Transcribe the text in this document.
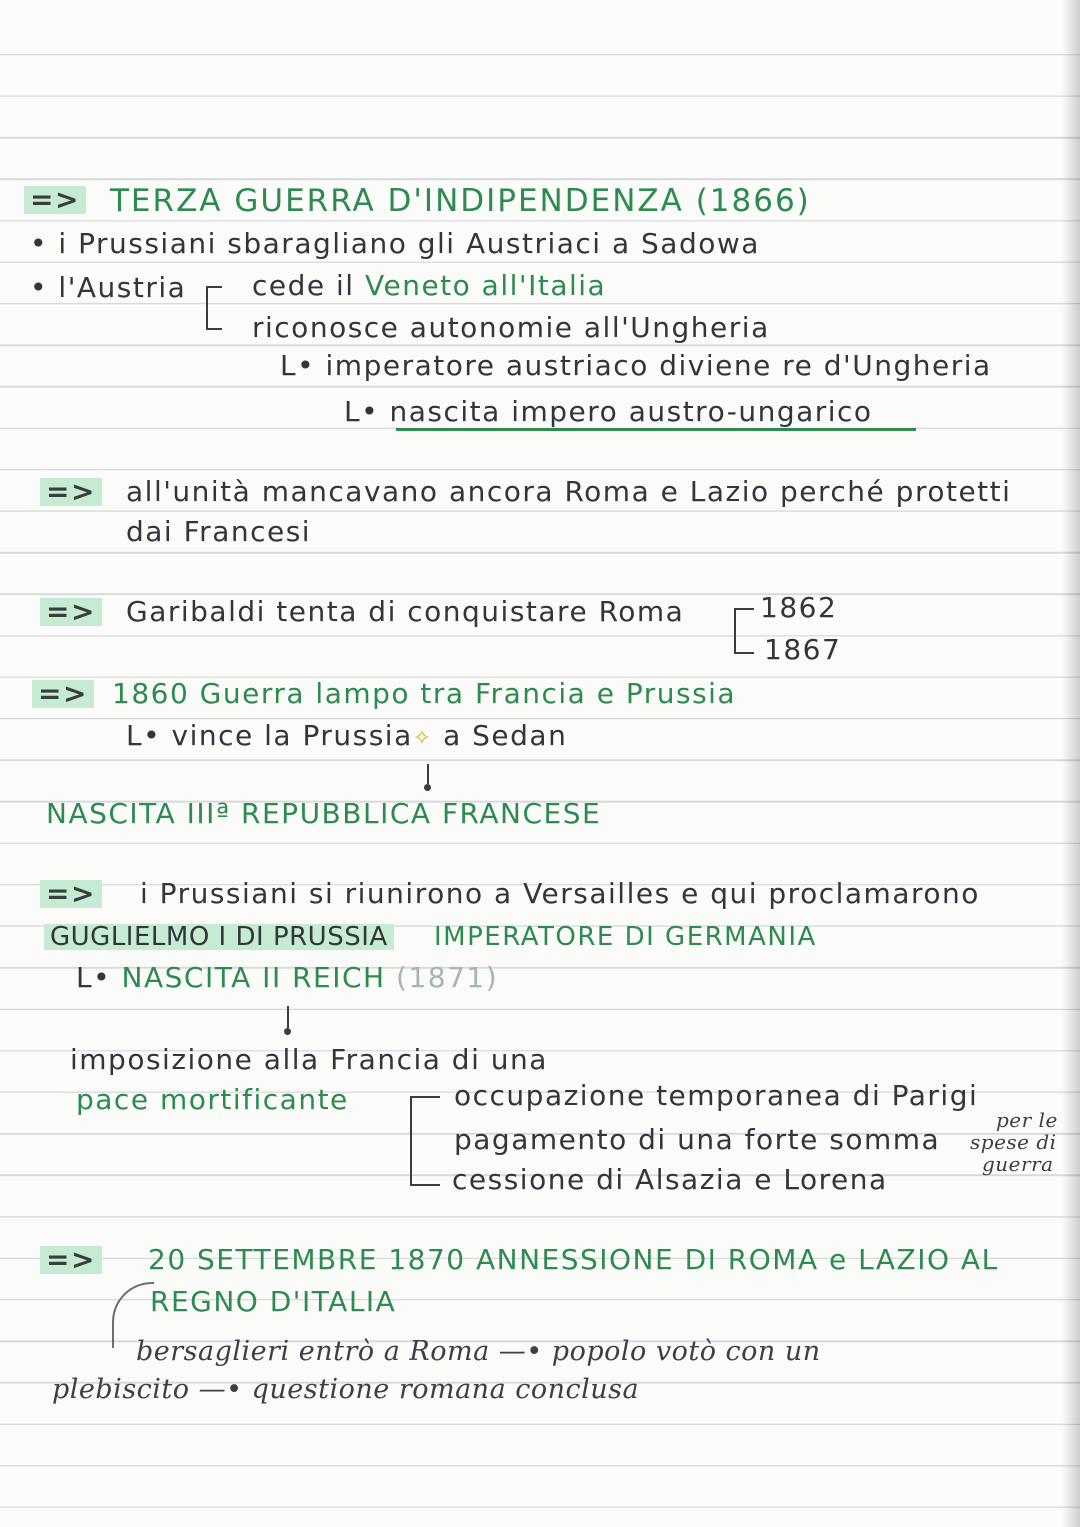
=> TERZA GUERRA D'INDIPENDENZA (1866)
• i Prussiani sbaragliano gli Austriaci a Sadowa
• l'Austria cede il Veneto all'Italia
riconosce autonomie all'Ungheria
L• imperatore austriaco diviene re d'Ungheria
L• nascita impero austro-ungarico
=> all'unità mancavano ancora Roma e Lazio perché protetti
dai Francesi
=> Garibaldi tenta di conquistare Roma	1862
1867
=> 1860 Guerra lampo tra Francia e Prussia
L• vince la Prussia✧ a Sedan
NASCITA IIIª REPUBBLICA FRANCESE
=> i Prussiani si riunirono a Versailles e qui proclamarono
GUGLIELMO I DI PRUSSIA IMPERATORE DI GERMANIA
L• NASCITA II REICH (1871)
imposizione alla Francia di una
pace mortificante	occupazione temporanea di Parigi
pagamento di una forte somma
per le
spese di
guerra
cessione di Alsazia e Lorena
=> 20 SETTEMBRE 1870 ANNESSIONE DI ROMA e LAZIO AL
REGNO D'ITALIA
bersaglieri entrò a Roma —• popolo votò con un
plebiscito —• questione romana conclusa
